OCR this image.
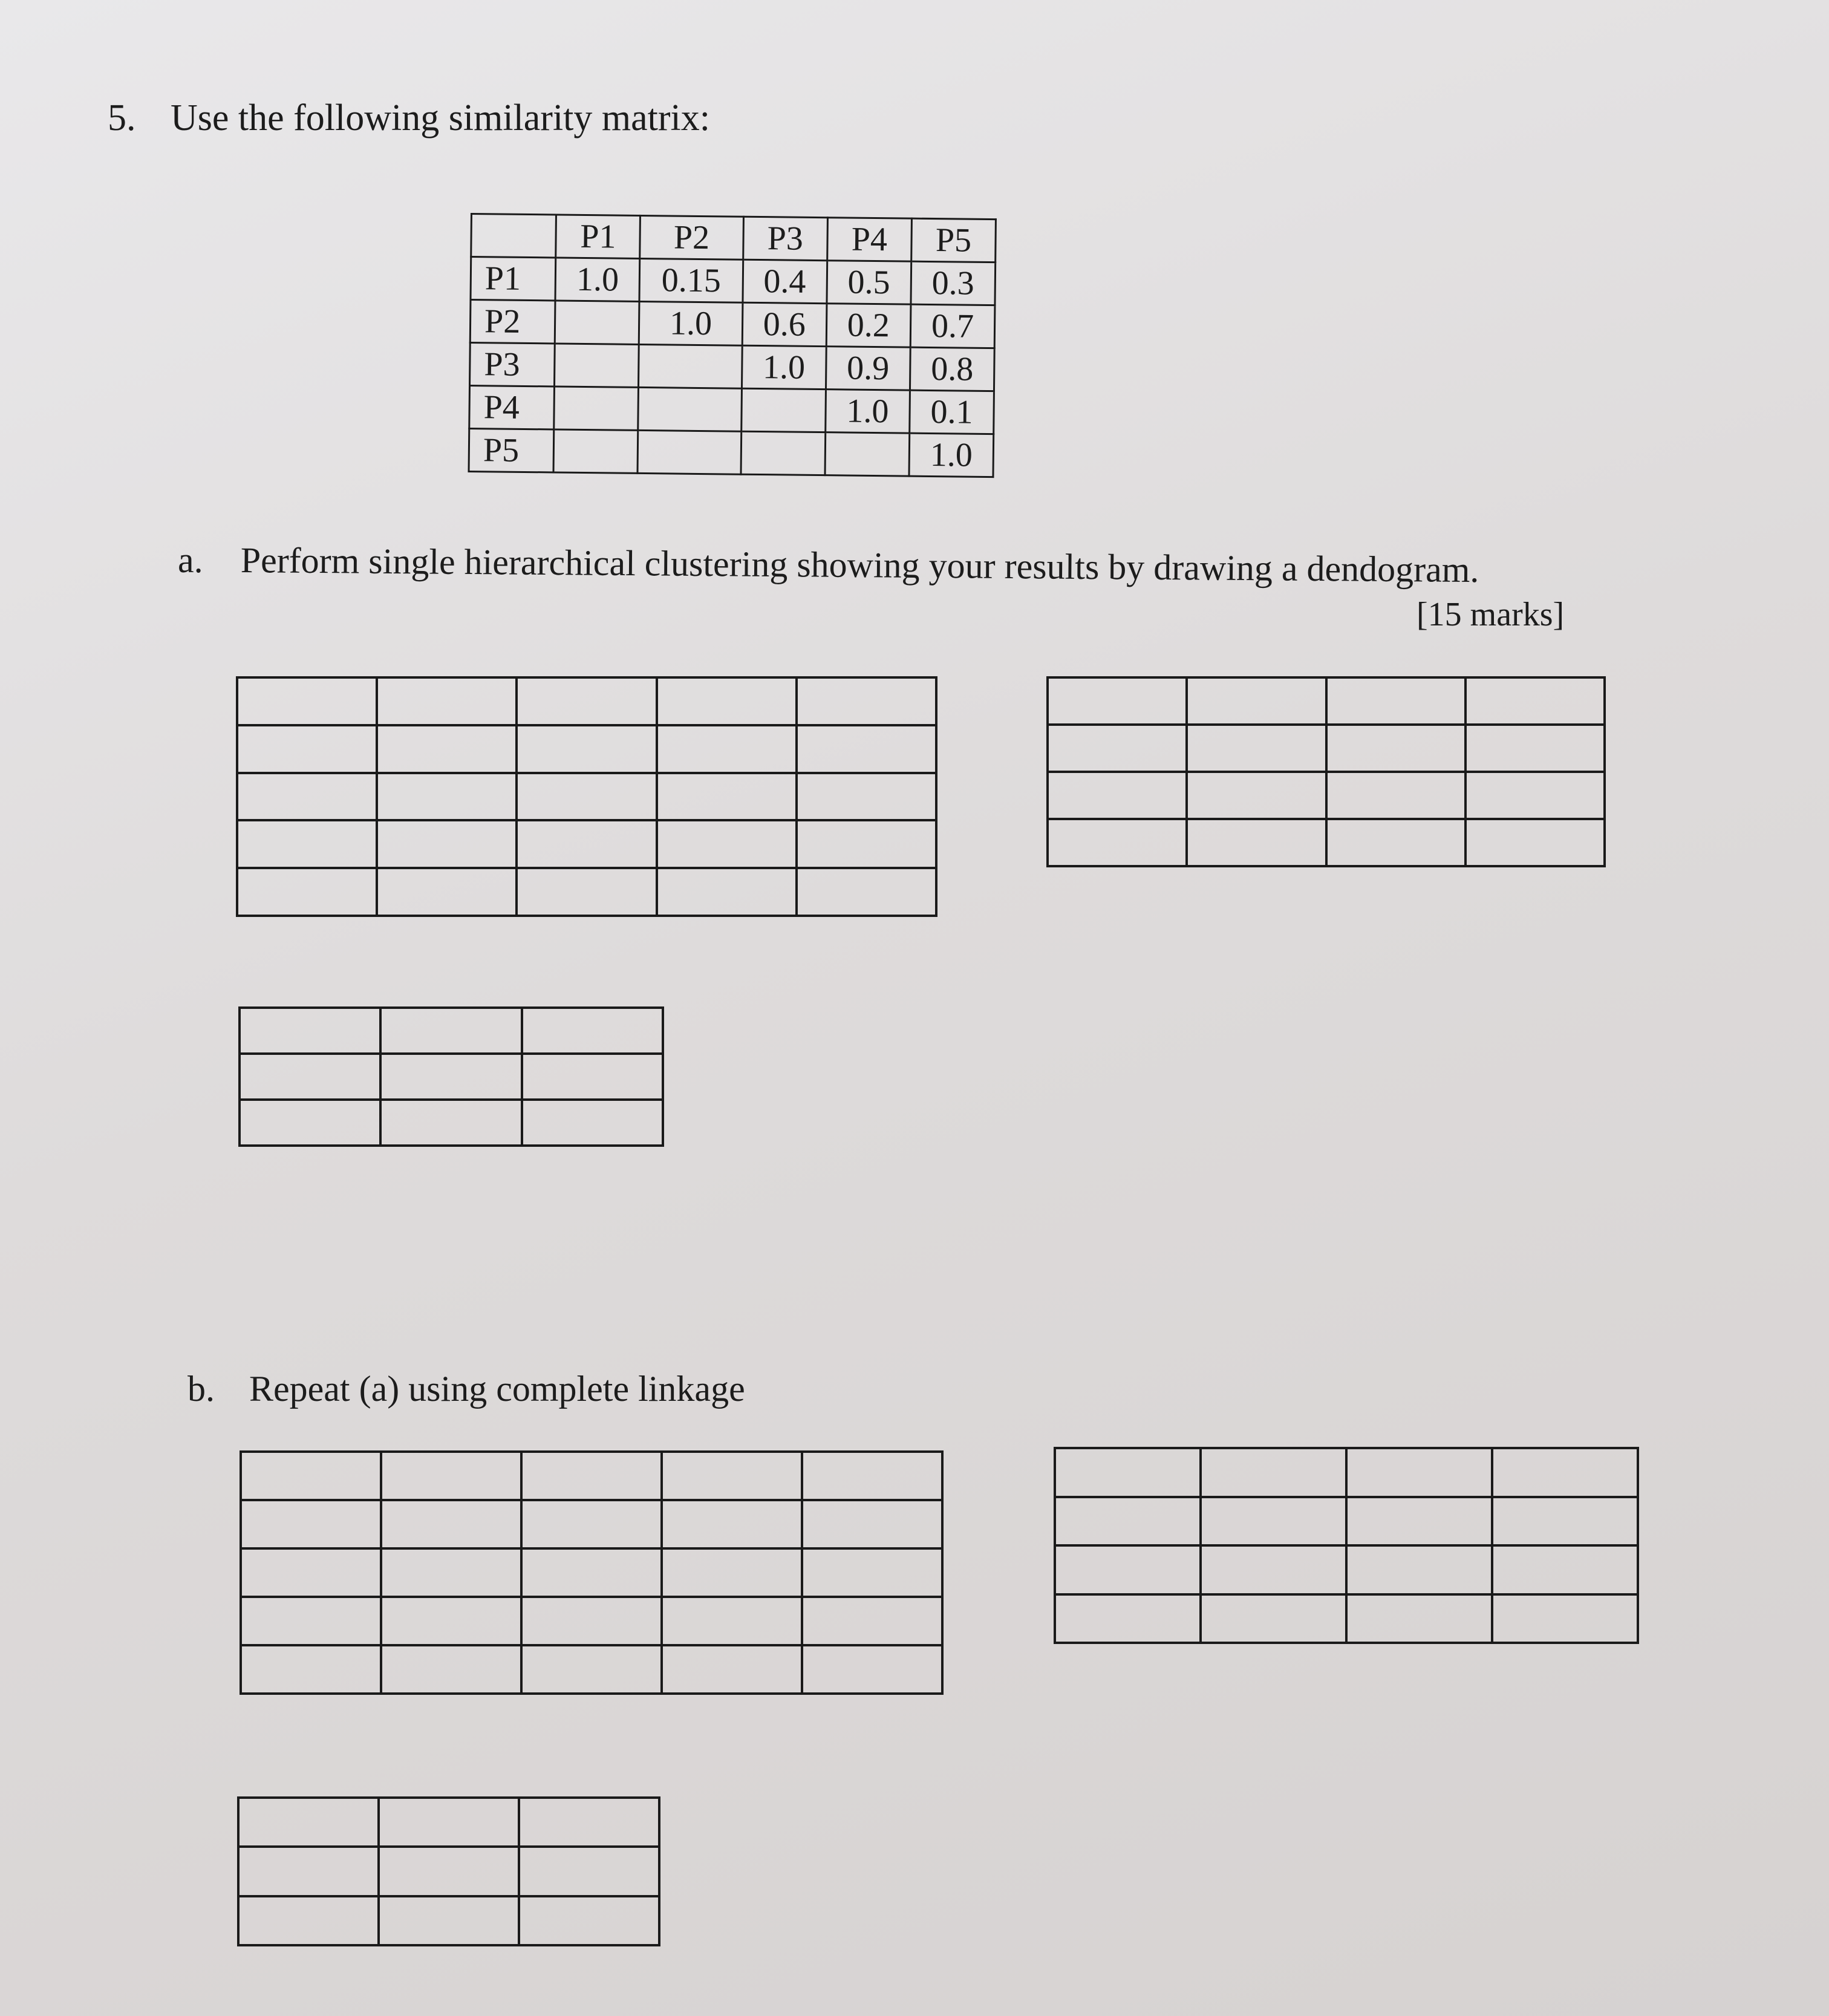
5. Use the following similarity matrix:
	P1	P2	P3	P4	P5
P1	1.0	0.15	0.4	0.5	0.3
P2		1.0	0.6	0.2	0.7
P3			1.0	0.9	0.8
P4				1.0	0.1
P5					1.0
a. Perform single hierarchical clustering showing your results by drawing a dendogram.
[15 marks]

b. Repeat (a) using complete linkage
